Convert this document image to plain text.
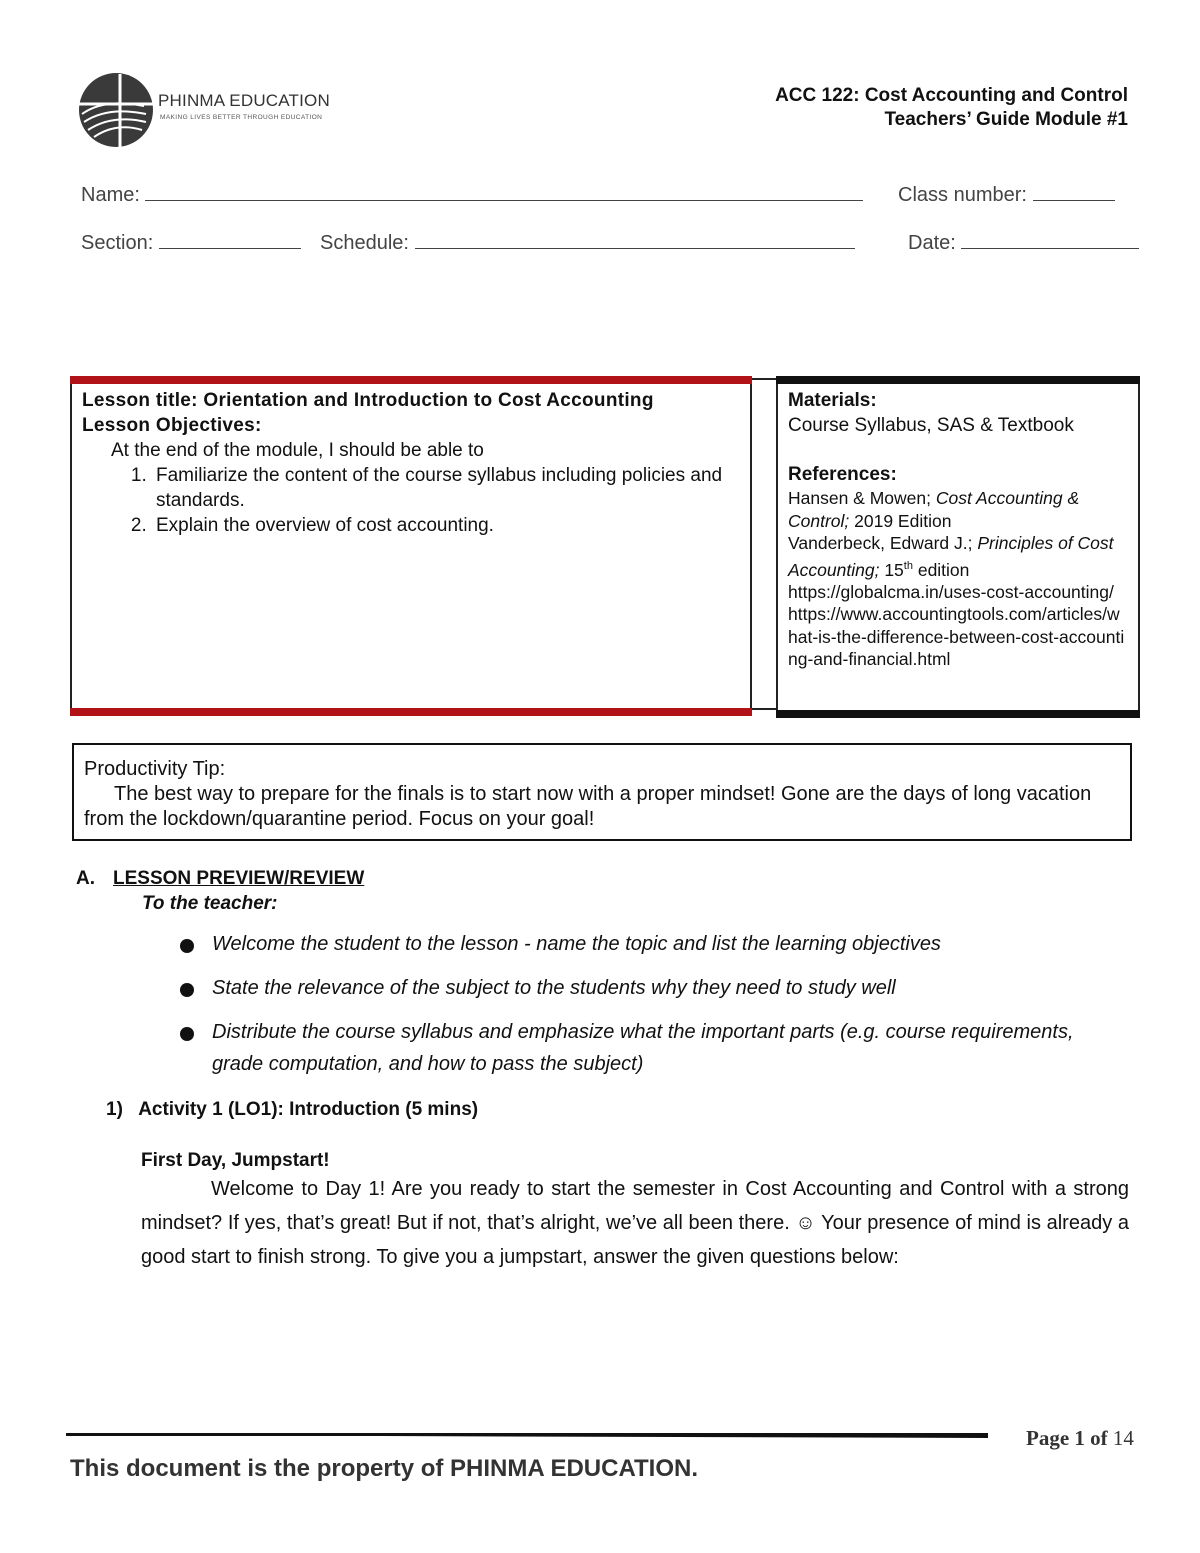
PHINMA EDUCATION
MAKING LIVES BETTER THROUGH EDUCATION
ACC 122: Cost Accounting and Control
Teachers’ Guide Module #1
Name:	Class number:
Section:	Schedule:	Date:
Lesson title: Orientation and Introduction to Cost Accounting
Lesson Objectives:
At the end of the module, I should be able to
1. Familiarize the content of the course syllabus including policies and standards.
2. Explain the overview of cost accounting.
Materials:
Course Syllabus, SAS & Textbook
References:
Hansen & Mowen; Cost Accounting & Control; 2019 Edition
Vanderbeck, Edward J.; Principles of Cost Accounting; 15th edition
https://globalcma.in/uses-cost-accounting/
https://www.accountingtools.com/articles/what-is-the-difference-between-cost-accounting-and-financial.html
Productivity Tip:
The best way to prepare for the finals is to start now with a proper mindset! Gone are the days of long vacation from the lockdown/quarantine period. Focus on your goal!
A. LESSON PREVIEW/REVIEW
To the teacher:
Welcome the student to the lesson - name the topic and list the learning objectives
State the relevance of the subject to the students why they need to study well
Distribute the course syllabus and emphasize what the important parts (e.g. course requirements, grade computation, and how to pass the subject)
1) Activity 1 (LO1): Introduction (5 mins)
First Day, Jumpstart!
Welcome to Day 1! Are you ready to start the semester in Cost Accounting and Control with a strong mindset? If yes, that’s great! But if not, that’s alright, we’ve all been there. ☺ Your presence of mind is already a good start to finish strong. To give you a jumpstart, answer the given questions below:
Page 1 of 14
This document is the property of PHINMA EDUCATION.
